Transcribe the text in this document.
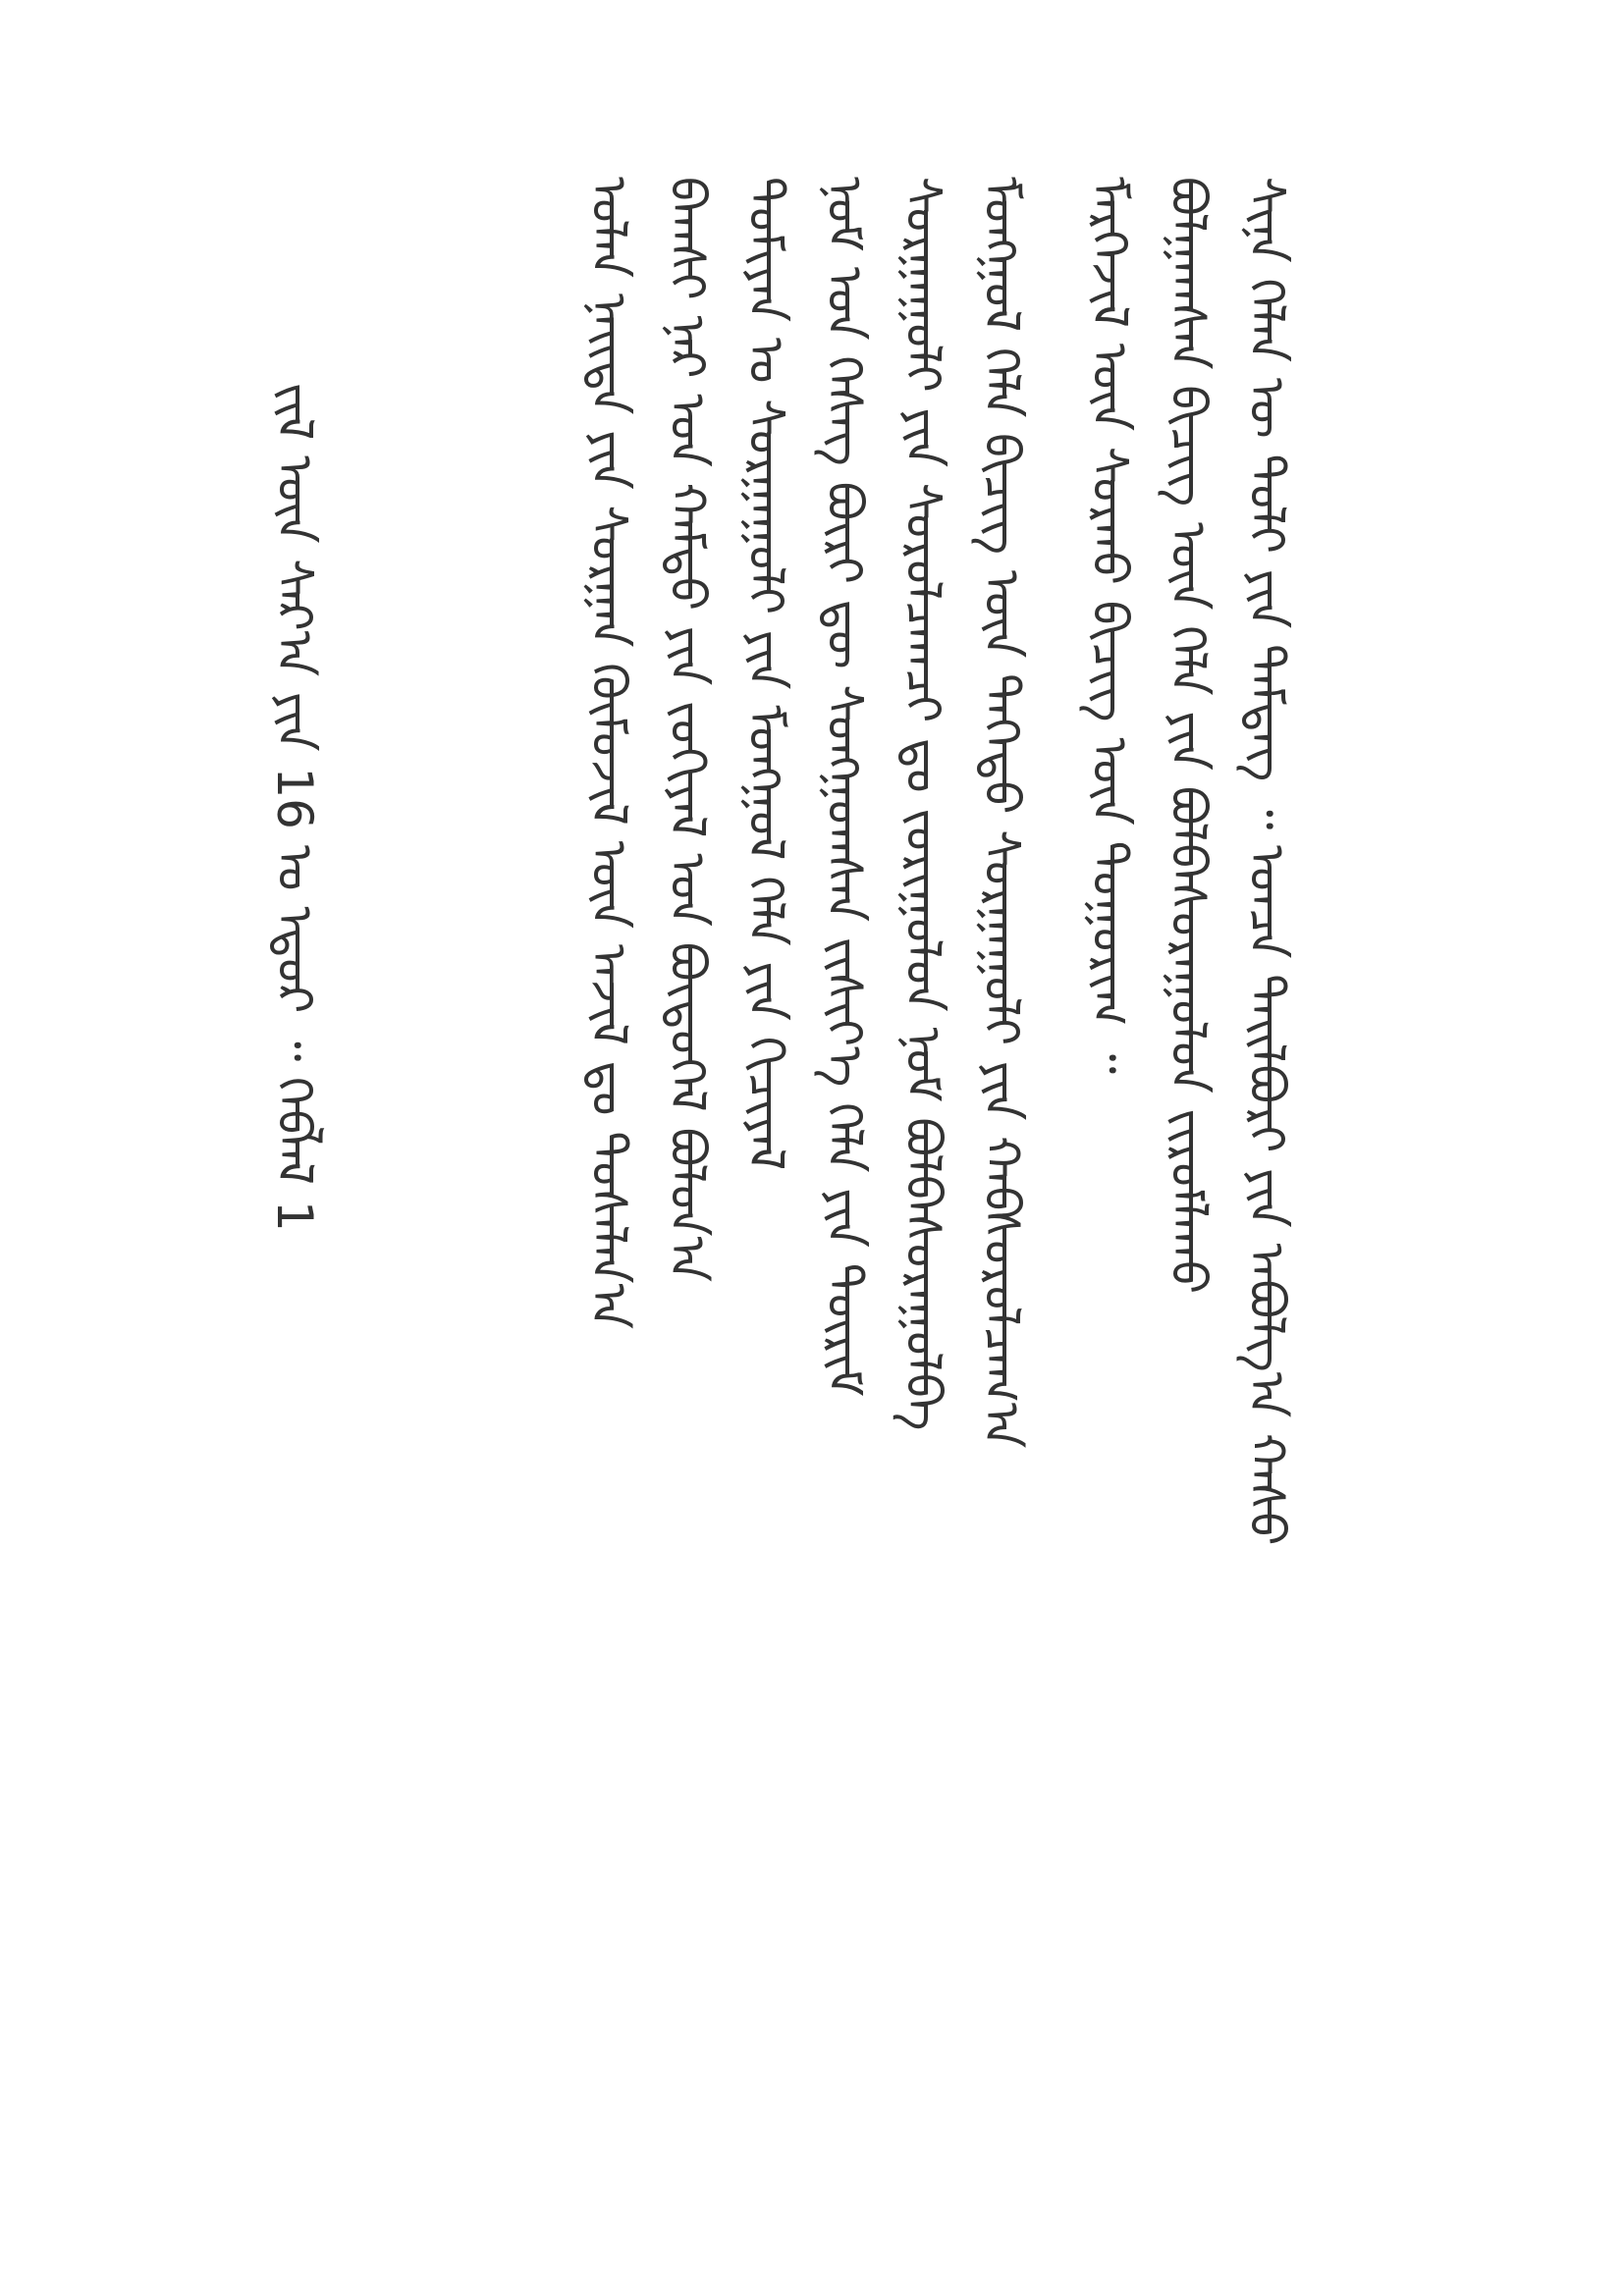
ᠰᠢᠨᠡ ᠬᠡᠯᠡᠨ ᠦ ᠲᠣᠯᠢ ᠶᠢᠨ ᠲᠡᠮᠳᠡᠭ ᠃ ᠣᠨᠴᠠ ᠲᠠᠢᠯᠪᠤᠷᠢ ᠶᠢᠨ ᠠᠪᠤᠯᠭ᠎ᠠ ᠬᠠᠰᠤ
ᠪᠣᠯᠭᠠᠭᠰᠠᠨ ᠪᠢᠴᠢᠭ᠌ ᠦᠨ ᠬᠡᠯᠡ ᠶᠢᠨ ᠪᠣᠯᠪᠠᠰᠤᠷᠠᠭᠤᠯᠤᠨ ᠵᠢᠷᠤᠮᠯᠠᠬᠤ
ᠮᠡᠷᠭᠡᠵᠢᠯ ᠦᠨ ᠰᠤᠷᠬᠤ ᠪᠢᠴᠢᠭ ᠦᠨ ᠳᠤᠭᠤᠷᠢᠭ ᠃
ᠮᠣᠩᠭᠣᠯ ᠬᠡᠯᠡ ᠪᠢᠴᠢᠭ ᠦᠨ ᠳᠡᠭᠡᠳᠦ ᠰᠤᠷᠭᠠᠭᠤᠯᠢ ᠶᠢᠨ ᠬᠠᠪᠰᠤᠷᠤᠯᠴᠠᠭ᠎ᠠ
ᠰᠤᠷᠭᠠᠭᠤᠯᠢ ᠶᠢᠨ ᠰᠤᠷᠤᠯᠴᠠᠭᠴᠢ ᠳᠤ ᠵᠣᠷᠢᠭᠤᠯᠤᠨ ᠨᠣᠮ ᠪᠣᠯᠪᠠᠰᠤᠷᠠᠭᠤᠯᠪᠠ
ᠨᠣᠮ ᠤᠨ ᠬᠡᠰᠡᠭ ᠪᠦᠷᠢ ᠳᠦ ᠰᠣᠩᠭᠣᠭᠰᠠᠨ ᠵᠢᠱᠢᠶ᠎ᠡ ᠬᠡᠯᠡ ᠶᠢᠨ ᠳᠦᠷᠢᠮ
ᠲᠣᠮᠢᠶᠠᠨ ᠤ ᠰᠤᠷᠭᠠᠭᠤᠯᠢ ᠶᠢᠨ ᠮᠣᠩᠭᠣᠯ ᠬᠡᠯᠡ ᠶᠢᠨ ᠬᠢᠴᠢᠶᠡᠯ
ᠪᠠᠭᠰᠢ ᠨᠠᠷ ᠤᠨ ᠬᠠᠮᠲᠤ ᠶᠢᠨ ᠵᠣᠬᠢᠶᠠᠯ ᠤᠨ ᠪᠦᠲᠦᠭᠡᠯ ᠪᠣᠯᠤᠨ᠎ᠠ
ᠣᠯᠠᠨ ᠨᠡᠢᠲᠡ ᠶᠢᠨ ᠰᠤᠷᠭᠠᠨ ᠬᠦᠮᠦᠵᠢᠯ ᠦᠨ ᠠᠵᠢᠯ ᠳᠤ ᠲᠤᠰᠠᠯᠠᠨ᠎ᠠ
ᠵᠢᠯ ᠦᠨ ᠰᠠᠷ᠎ᠠ ᠶᠢᠨ 16 ᠤ ᠡᠳᠦᠷ ᠃ ᠬᠡᠪᠯᠡᠯ 1
